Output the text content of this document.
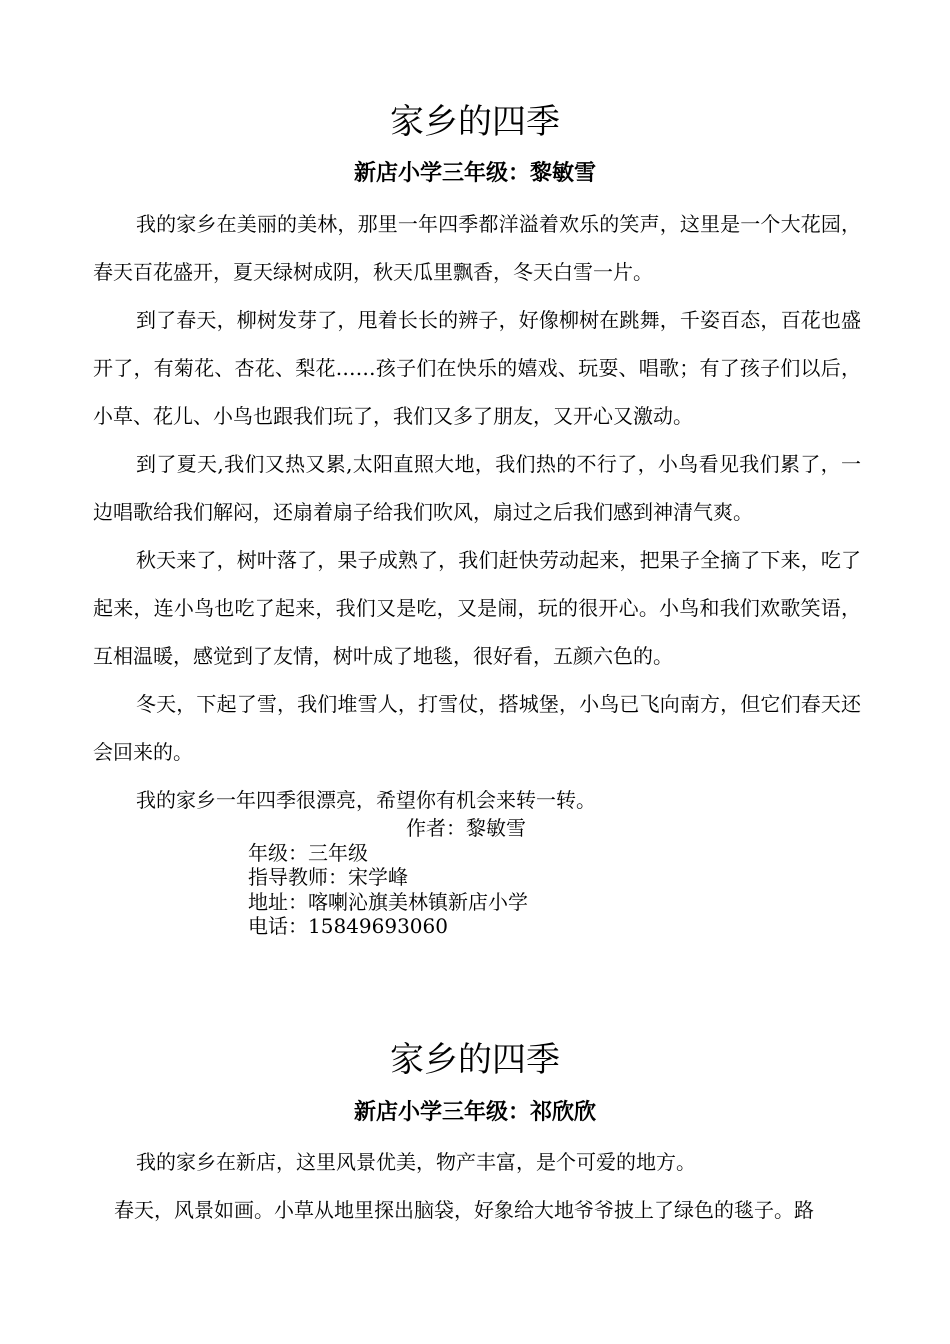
家乡的四季
新店小学三年级：黎敏雪

我的家乡在美丽的美林，那里一年四季都洋溢着欢乐的笑声，这里是一个大花园，春天百花盛开，夏天绿树成阴，秋天瓜里飘香，冬天白雪一片。

到了春天，柳树发芽了，甩着长长的辨子，好像柳树在跳舞，千姿百态，百花也盛开了，有菊花、杏花、梨花……孩子们在快乐的嬉戏、玩耍、唱歌；有了孩子们以后，小草、花儿、小鸟也跟我们玩了，我们又多了朋友，又开心又激动。

到了夏天,我们又热又累,太阳直照大地，我们热的不行了，小鸟看见我们累了，一边唱歌给我们解闷，还扇着扇子给我们吹风，扇过之后我们感到神清气爽。

秋天来了，树叶落了，果子成熟了，我们赶快劳动起来，把果子全摘了下来，吃了起来，连小鸟也吃了起来，我们又是吃，又是闹，玩的很开心。小鸟和我们欢歌笑语，互相温暖，感觉到了友情，树叶成了地毯，很好看，五颜六色的。

冬天，下起了雪，我们堆雪人，打雪仗，搭城堡，小鸟已飞向南方，但它们春天还会回来的。

我的家乡一年四季很漂亮，希望你有机会来转一转。

作者：黎敏雪

年级：三年级

指导教师：宋学峰

地址：喀喇沁旗美林镇新店小学

电话：15849693060

家乡的四季
新店小学三年级：祁欣欣

我的家乡在新店，这里风景优美，物产丰富，是个可爱的地方。

春天，风景如画。小草从地里探出脑袋，好象给大地爷爷披上了绿色的毯子。路
